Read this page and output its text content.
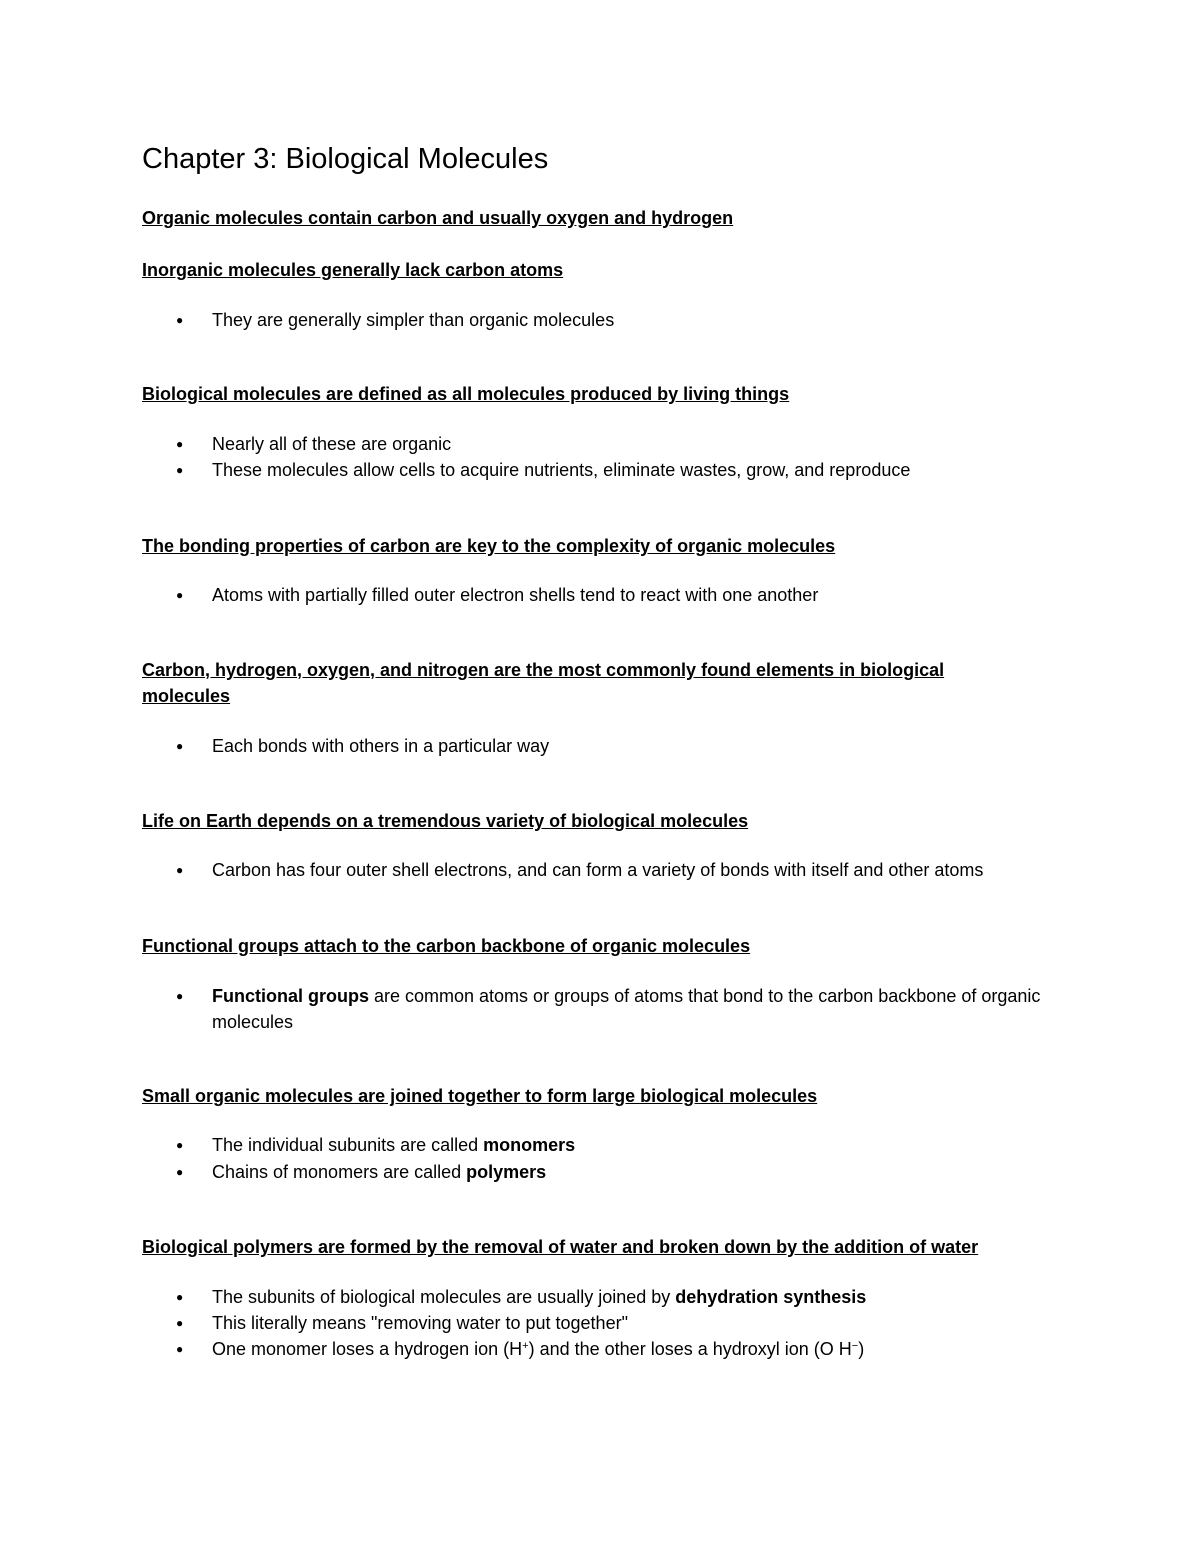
Chapter 3: Biological Molecules
Organic molecules contain carbon and usually oxygen and hydrogen
Inorganic molecules generally lack carbon atoms
● They are generally simpler than organic molecules
Biological molecules are defined as all molecules produced by living things
● Nearly all of these are organic
● These molecules allow cells to acquire nutrients, eliminate wastes, grow, and reproduce
The bonding properties of carbon are key to the complexity of organic molecules
● Atoms with partially filled outer electron shells tend to react with one another
Carbon, hydrogen, oxygen, and nitrogen are the most commonly found elements in biological molecules
● Each bonds with others in a particular way
Life on Earth depends on a tremendous variety of biological molecules
● Carbon has four outer shell electrons, and can form a variety of bonds with itself and other atoms
Functional groups attach to the carbon backbone of organic molecules
● Functional groups are common atoms or groups of atoms that bond to the carbon backbone of organic molecules
Small organic molecules are joined together to form large biological molecules
● The individual subunits are called monomers
● Chains of monomers are called polymers
Biological polymers are formed by the removal of water and broken down by the addition of water
● The subunits of biological molecules are usually joined by dehydration synthesis
● This literally means "removing water to put together"
● One monomer loses a hydrogen ion (H+) and the other loses a hydroxyl ion (O H−)
